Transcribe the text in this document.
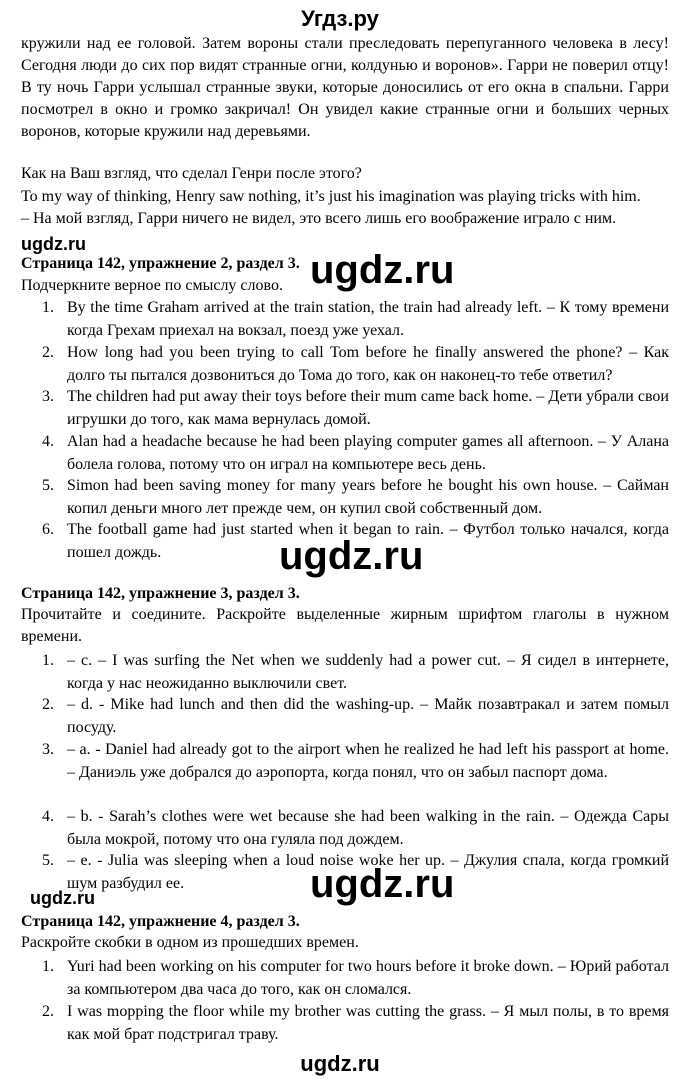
Угдз.ру
кружили над ее головой. Затем вороны стали преследовать перепуганного человека в лесу! Сегодня люди до сих пор видят странные огни, колдунью и воронов». Гарри не поверил отцу! В ту ночь Гарри услышал странные звуки, которые доносились от его окна в спальни. Гарри посмотрел в окно и громко закричал! Он увидел какие странные огни и больших черных воронов, которые кружили над деревьями.
Как на Ваш взгляд, что сделал Генри после этого?
To my way of thinking, Henry saw nothing, it’s just his imagination was playing tricks with him.
– На мой взгляд, Гарри ничего не видел, это всего лишь его воображение играло с ним.
ugdz.ru
ugdz.ru
Страница 142, упражнение 2, раздел 3.
Подчеркните верное по смыслу слово.
1. By the time Graham arrived at the train station, the train had already left. – К тому времени когда Грехам приехал на вокзал, поезд уже уехал.
2. How long had you been trying to call Tom before he finally answered the phone? – Как долго ты пытался дозвониться до Тома до того, как он наконец-то тебе ответил?
3. The children had put away their toys before their mum came back home. – Дети убрали свои игрушки до того, как мама вернулась домой.
4. Alan had a headache because he had been playing computer games all afternoon. – У Алана болела голова, потому что он играл на компьютере весь день.
5. Simon had been saving money for many years before he bought his own house. – Сайман копил деньги много лет прежде чем, он купил свой собственный дом.
6. The football game had just started when it began to rain. – Футбол только начался, когда пошел дождь.	ugdz.ru
Страница 142, упражнение 3, раздел 3.
Прочитайте и соедините. Раскройте выделенные жирным шрифтом глаголы в нужном времени.
1. – c. – I was surfing the Net when we suddenly had a power cut. – Я сидел в интернете, когда у нас неожиданно выключили свет.
2. – d. - Mike had lunch and then did the washing-up. – Майк позавтракал и затем помыл посуду.
3. – a. - Daniel had already got to the airport when he realized he had left his passport at home. – Даниэль уже добрался до аэропорта, когда понял, что он забыл паспорт дома.
4. – b. - Sarah’s clothes were wet because she had been walking in the rain. – Одежда Сары была мокрой, потому что она гуляла под дождем.
5. – e. - Julia was sleeping when a loud noise woke her up. – Джулия спала, когда громкий шум разбудил ее.
ugdz.ru	ugdz.ru
Страница 142, упражнение 4, раздел 3.
Раскройте скобки в одном из прошедших времен.
1. Yuri had been working on his computer for two hours before it broke down. – Юрий работал за компьютером два часа до того, как он сломался.
2. I was mopping the floor while my brother was cutting the grass. – Я мыл полы, в то время как мой брат подстригал траву.
ugdz.ru
